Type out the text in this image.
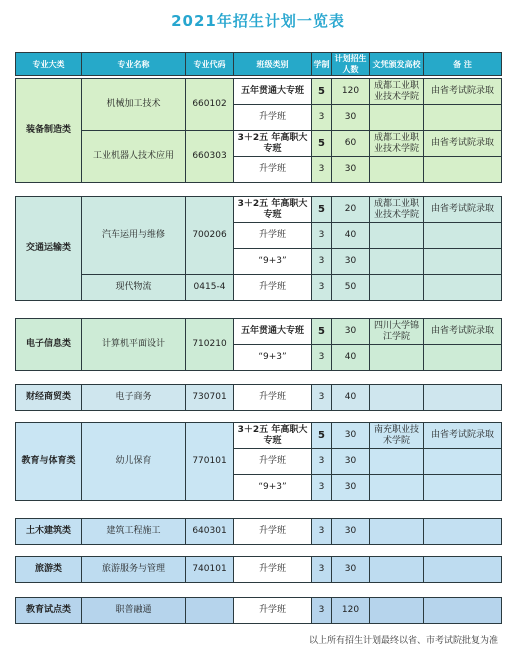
2021年招生计划一览表
专业大类	专业名称	专业代码	班级类别	学制	计划招生人数	文凭颁发高校	备 注
装备制造类	机械加工技术	660102	五年贯通大专班	5	120	成都工业职业技术学院	由省考试院录取
			升学班	3	30		
	工业机器人技术应用	660303	3＋2五 年高职大专班	5	60	成都工业职业技术学院	由省考试院录取
			升学班	3	30		
交通运输类	汽车运用与维修	700206	3＋2五 年高职大专班	5	20	成都工业职业技术学院	由省考试院录取
			升学班	3	40		
			“9+3”	3	30		
	现代物流	0415-4	升学班	3	50		
电子信息类	计算机平面设计	710210	五年贯通大专班	5	30	四川大学锦江学院	由省考试院录取
			“9+3”	3	40		
财经商贸类	电子商务	730701	升学班	3	40		
教育与体育类	幼儿保育	770101	3＋2五 年高职大专班	5	30	南充职业技术学院	由省考试院录取
			升学班	3	30		
			“9+3”	3	30		
土木建筑类	建筑工程施工	640301	升学班	3	30		
旅游类	旅游服务与管理	740101	升学班	3	30		
教育试点类	职普融通		升学班	3	120		
以上所有招生计划最终以省、市考试院批复为准
